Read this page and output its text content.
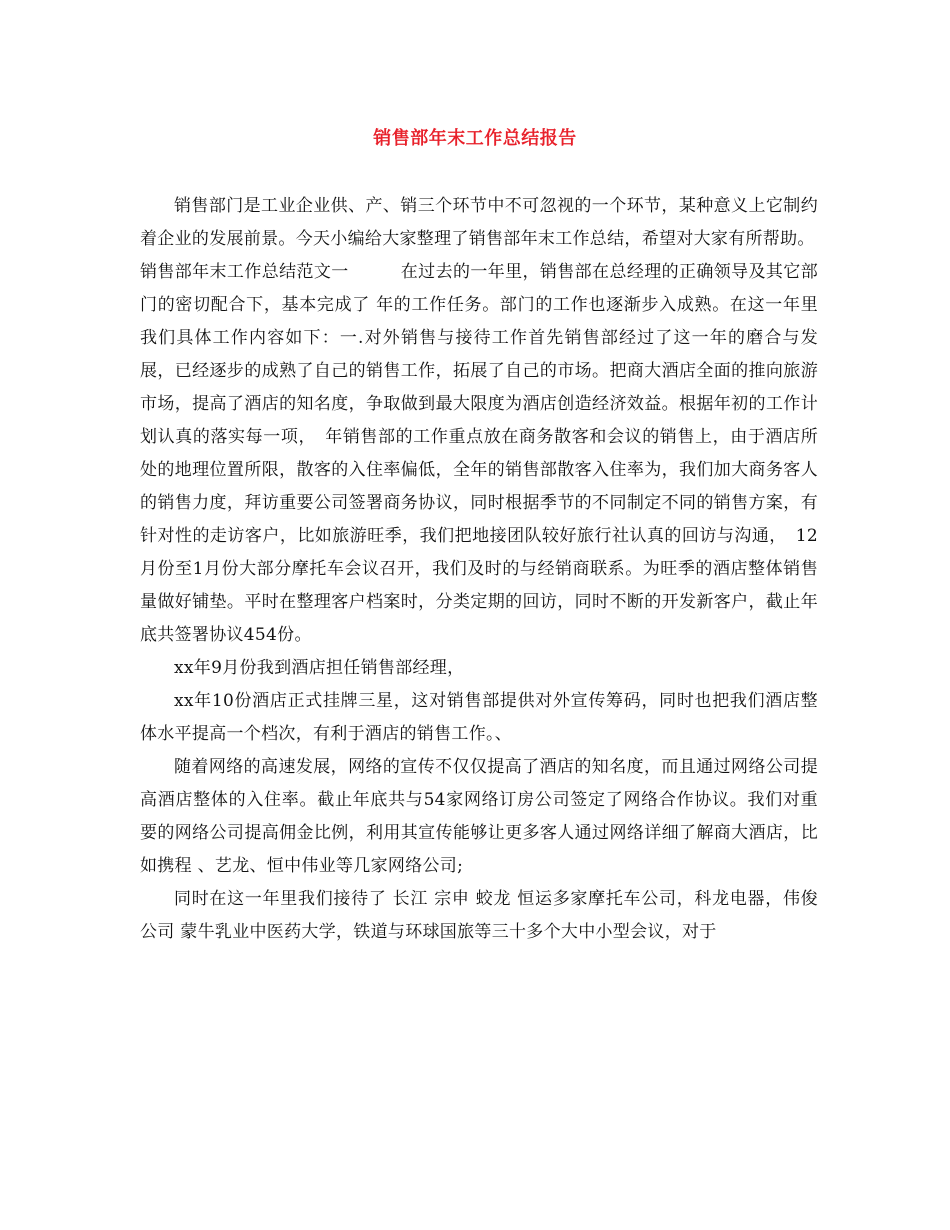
销售部年末工作总结报告

销售部门是工业企业供、产、销三个环节中不可忽视的一个环节，某种意义上它制约着企业的发展前景。今天小编给大家整理了销售部年末工作总结，希望对大家有所帮助。

销售部年末工作总结范文一　　　在过去的一年里，销售部在总经理的正确领导及其它部门的密切配合下，基本完成了 年的工作任务。部门的工作也逐渐步入成熟。在这一年里我们具体工作内容如下：一.对外销售与接待工作首先销售部经过了这一年的磨合与发展，已经逐步的成熟了自己的销售工作，拓展了自己的市场。把商大酒店全面的推向旅游市场，提高了酒店的知名度，争取做到最大限度为酒店创造经济效益。根据年初的工作计划认真的落实每一项，　年销售部的工作重点放在商务散客和会议的销售上，由于酒店所处的地理位置所限，散客的入住率偏低，全年的销售部散客入住率为，我们加大商务客人的销售力度，拜访重要公司签署商务协议，同时根据季节的不同制定不同的销售方案，有针对性的走访客户，比如旅游旺季，我们把地接团队较好旅行社认真的回访与沟通，　12月份至1月份大部分摩托车会议召开，我们及时的与经销商联系。为旺季的酒店整体销售量做好铺垫。平时在整理客户档案时，分类定期的回访，同时不断的开发新客户，截止年底共签署协议454份。

xx年9月份我到酒店担任销售部经理，

xx年10份酒店正式挂牌三星，这对销售部提供对外宣传筹码，同时也把我们酒店整体水平提高一个档次，有利于酒店的销售工作。、

随着网络的高速发展，网络的宣传不仅仅提高了酒店的知名度，而且通过网络公司提高酒店整体的入住率。截止年底共与54家网络订房公司签定了网络合作协议。我们对重要的网络公司提高佣金比例，利用其宣传能够让更多客人通过网络详细了解商大酒店，比如携程 、艺龙、恒中伟业等几家网络公司;

同时在这一年里我们接待了 长江 宗申 蛟龙 恒运多家摩托车公司，科龙电器，伟俊公司 蒙牛乳业中医药大学，铁道与环球国旅等三十多个大中小型会议，对于
